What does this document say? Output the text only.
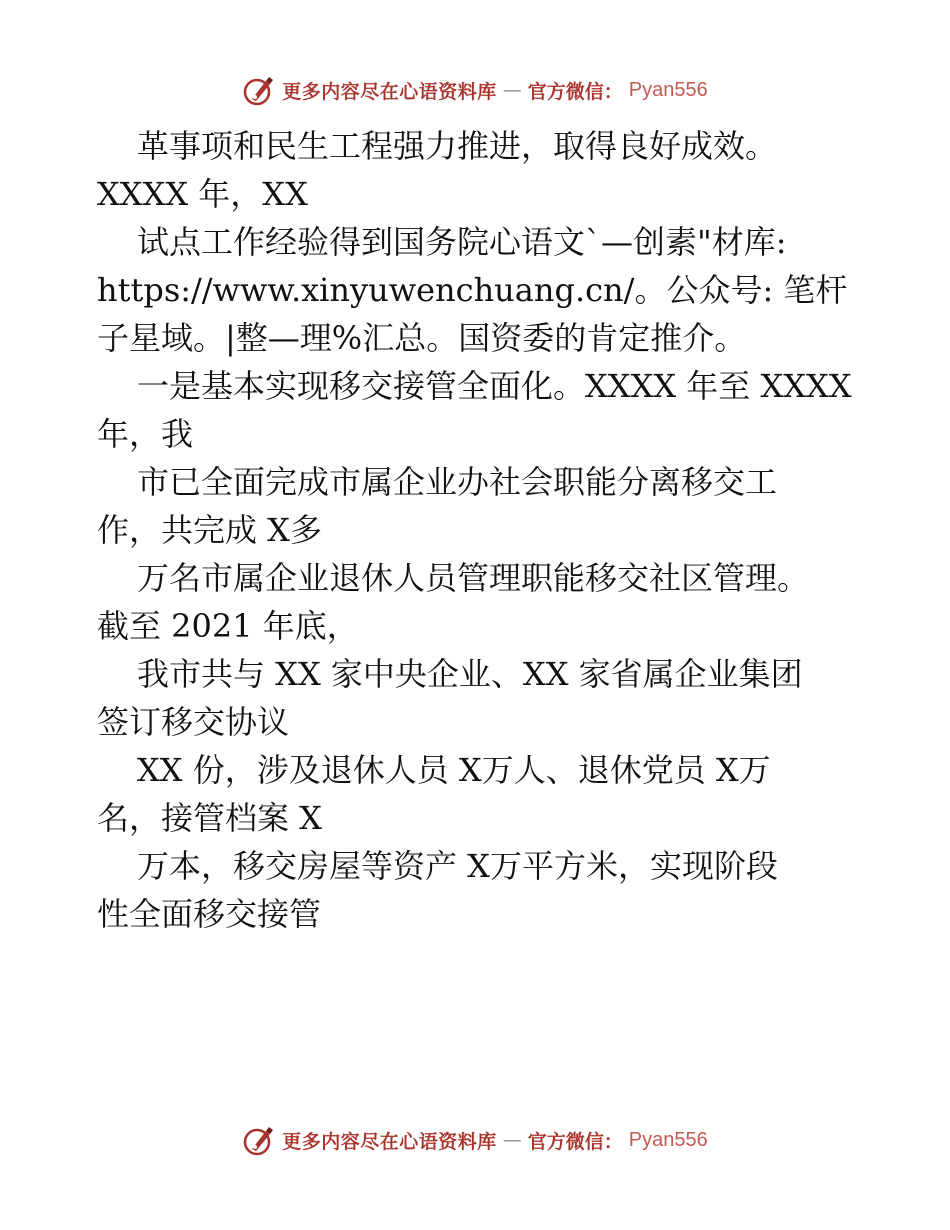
更多内容尽在心语资料库 — 官方微信： Pyan556
革事项和民生工程强力推进，取得良好成效。
XXXX 年，XX
试点工作经验得到国务院心语文`—创素"材库:
https://www.xinyuwenchuang.cn/。公众号: 笔杆
子星域。|整—理%汇总。国资委的肯定推介。
一是基本实现移交接管全面化。XXXX 年至 XXXX
年，我
市已全面完成市属企业办社会职能分离移交工
作，共完成 X多
万名市属企业退休人员管理职能移交社区管理。
截至 2021 年底，
我市共与 XX 家中央企业、XX 家省属企业集团
签订移交协议
XX 份，涉及退休人员 X万人、退休党员 X万
名，接管档案 X
万本，移交房屋等资产 X万平方米，实现阶段
性全面移交接管
更多内容尽在心语资料库 — 官方微信： Pyan556
